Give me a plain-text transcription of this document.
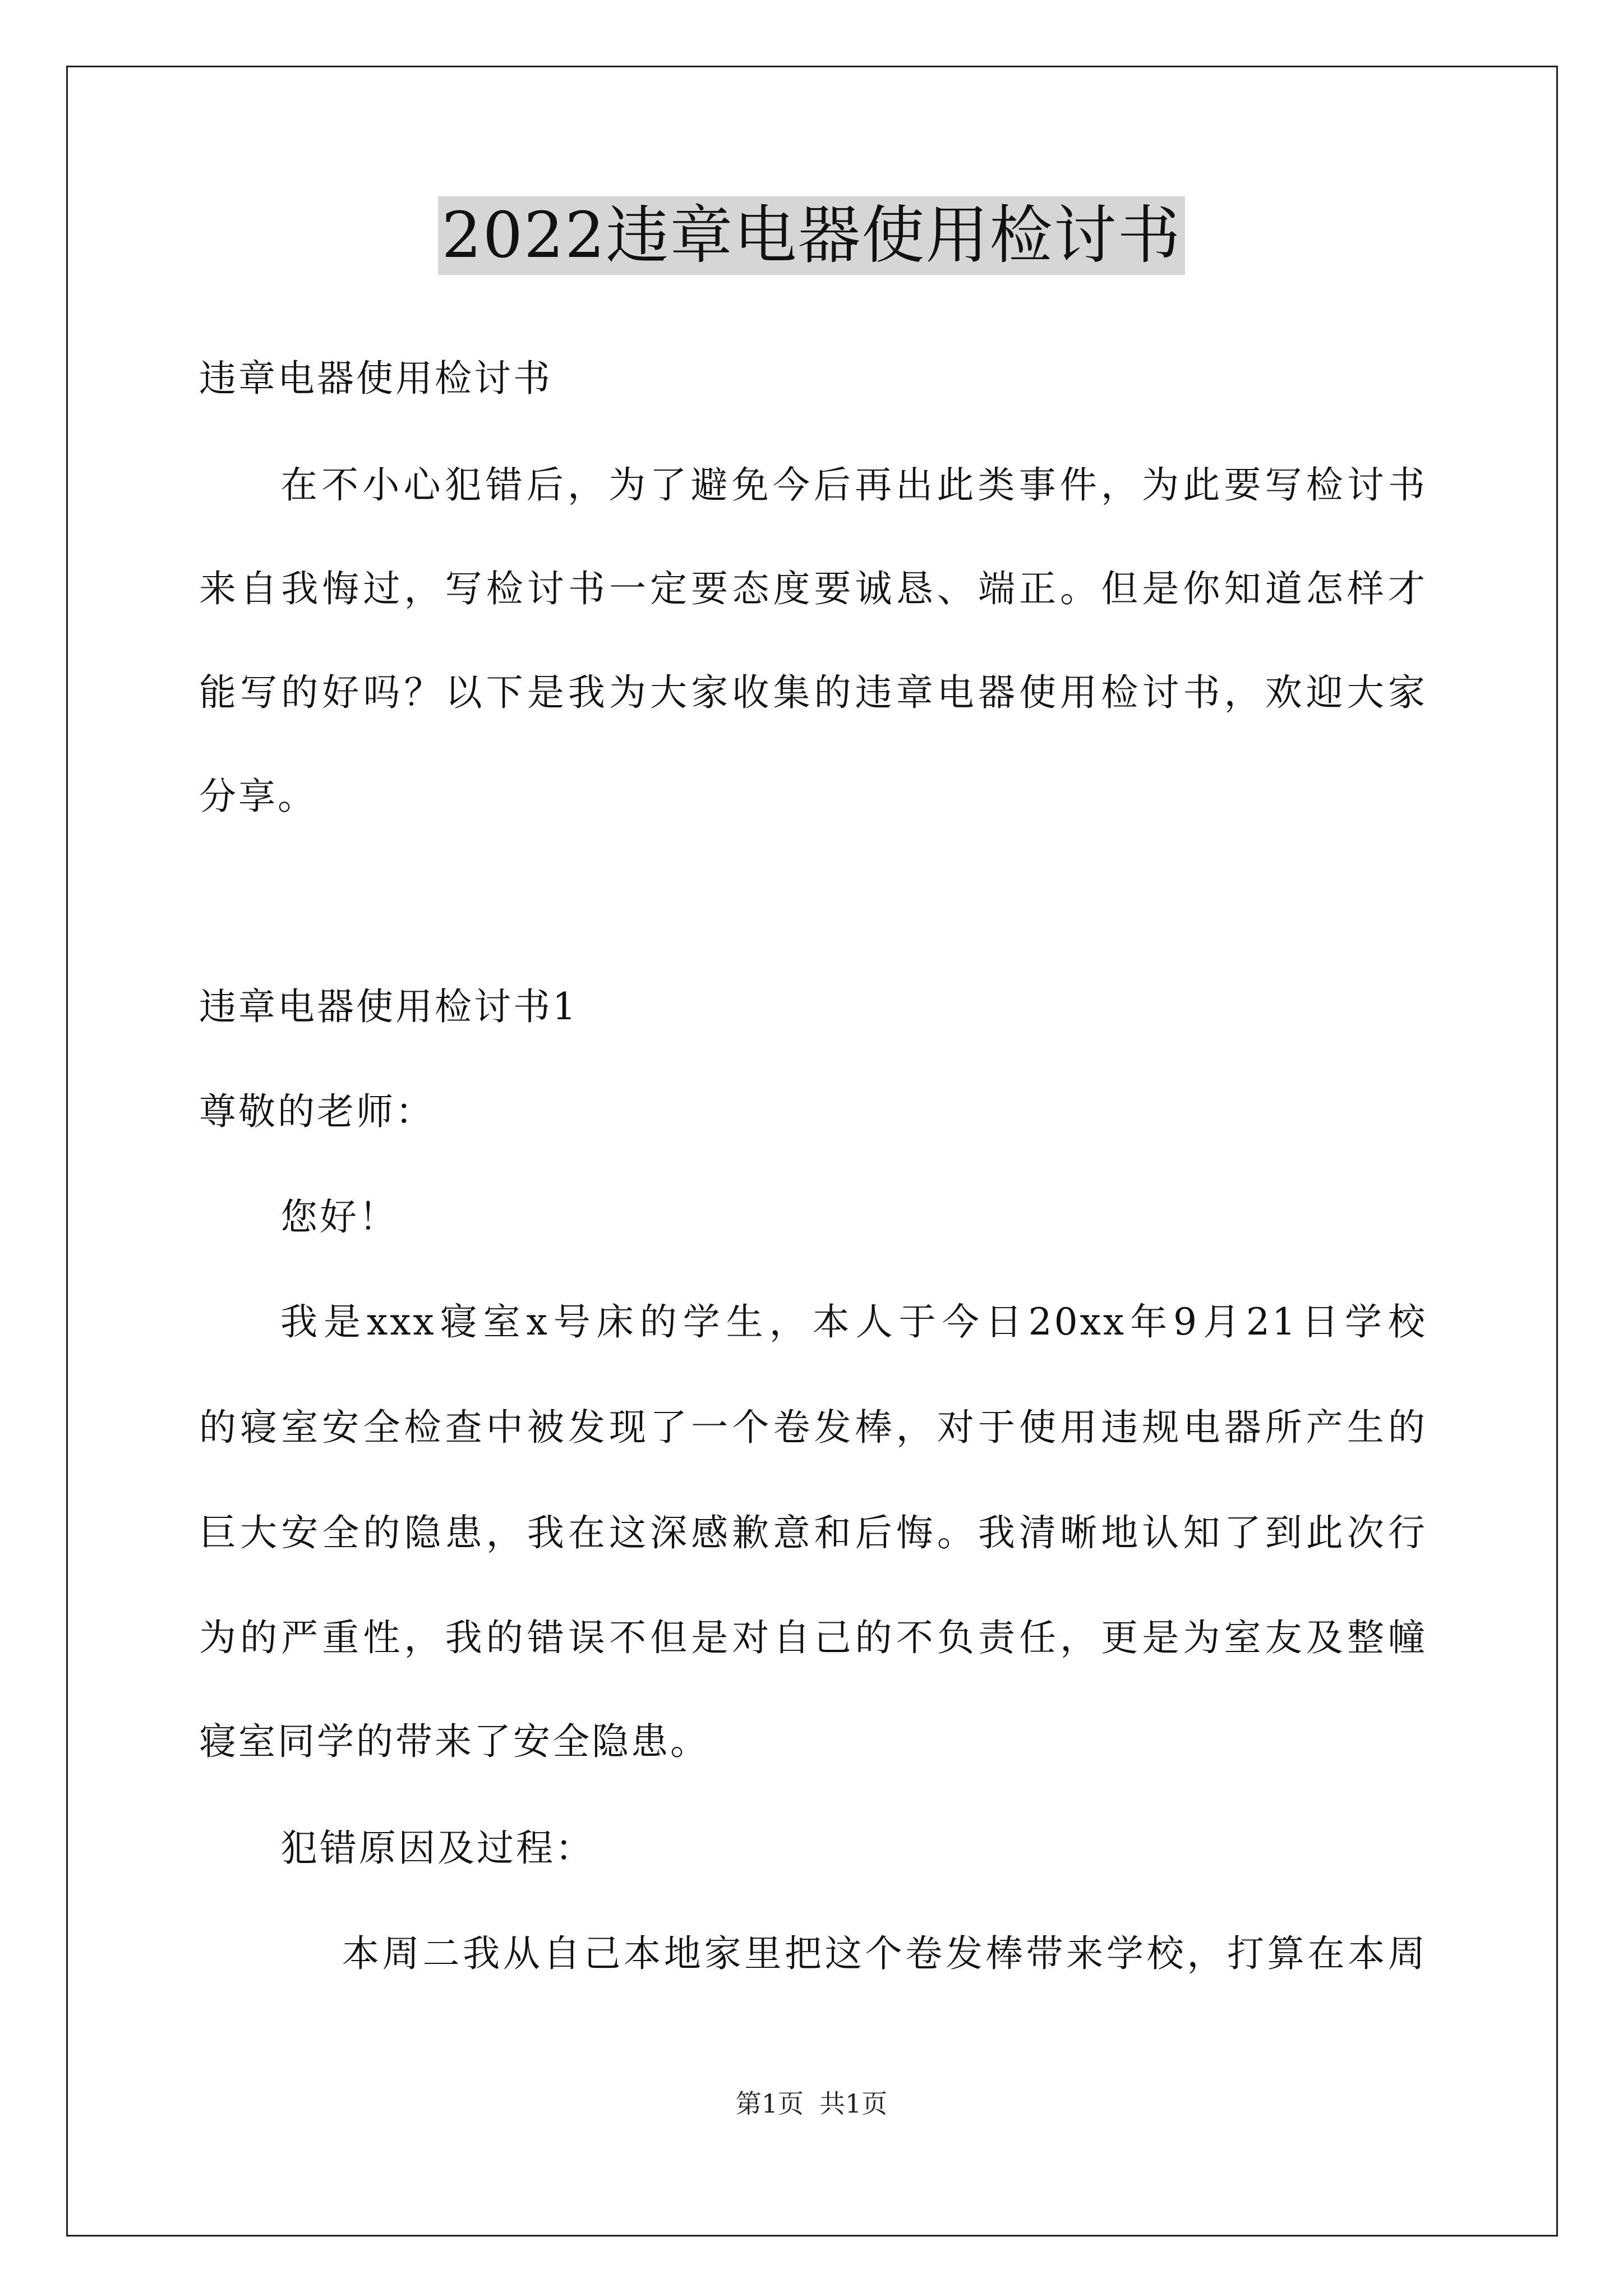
2022违章电器使用检讨书
违章电器使用检讨书
在不小心犯错后，为了避免今后再出此类事件，为此要写检讨书
来自我悔过，写检讨书一定要态度要诚恳、端正。但是你知道怎样才
能写的好吗？以下是我为大家收集的违章电器使用检讨书，欢迎大家
分享。
违章电器使用检讨书1
尊敬的老师：
您好！
我是xxx寝室x号床的学生，本人于今日20xx年9月21日学校
的寝室安全检查中被发现了一个卷发棒，对于使用违规电器所产生的
巨大安全的隐患，我在这深感歉意和后悔。我清晰地认知了到此次行
为的严重性，我的错误不但是对自己的不负责任，更是为室友及整幢
寝室同学的带来了安全隐患。
犯错原因及过程：
本周二我从自己本地家里把这个卷发棒带来学校，打算在本周
第1页 共1页
